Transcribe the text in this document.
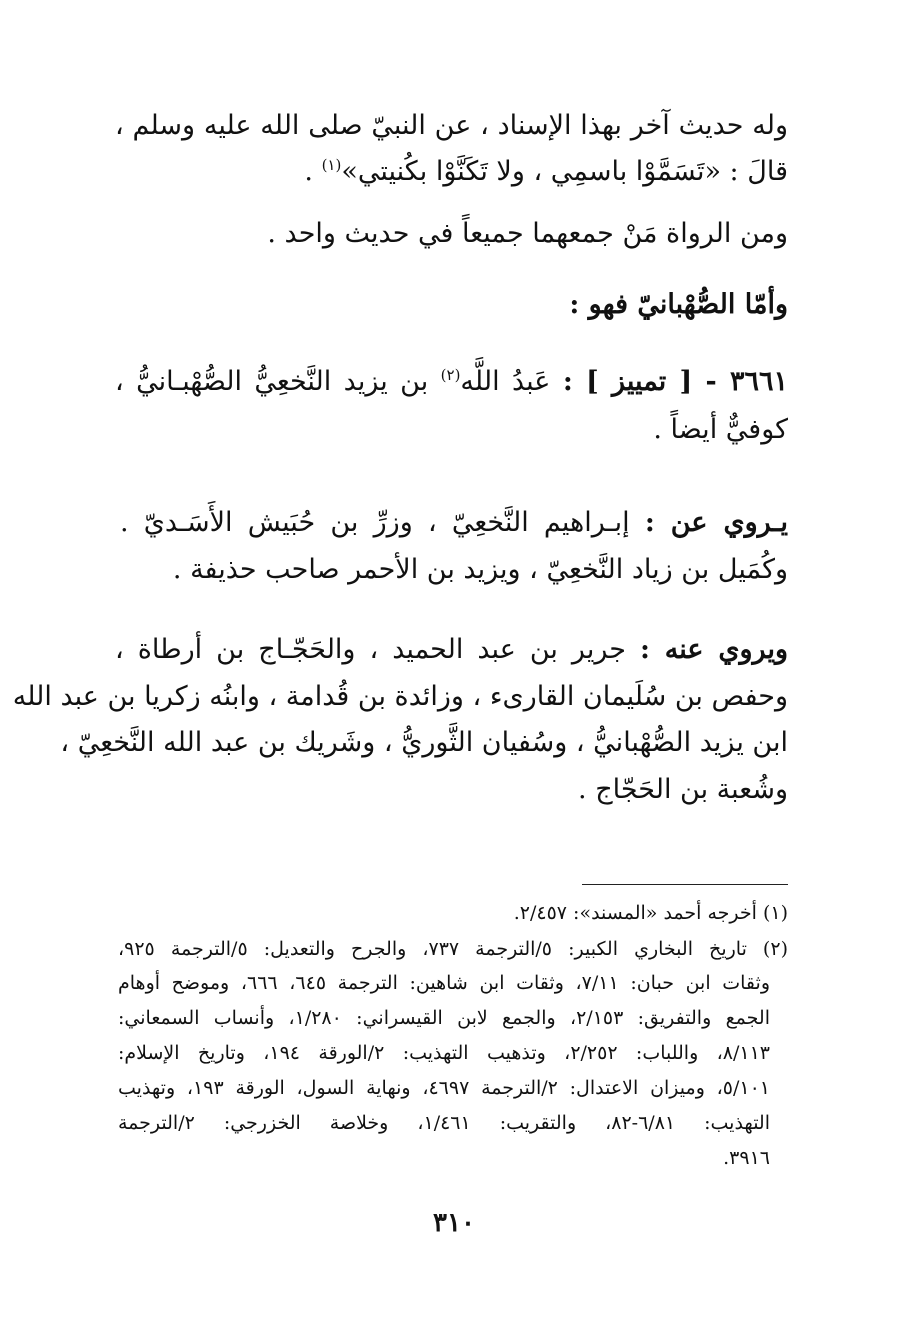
وله حديث آخر بهذا الإسناد ، عن النبيّ صلى الله عليه وسلم ،
قالَ : «تَسَمَّوْا باسمِي ، ولا تَكَنَّوْا بكُنيتي»$^{(١)}$ .
ومن الرواة مَنْ جمعهما جميعاً في حديث واحد .
وأمّا الصُّهْبانيّ فهو :
٣٦٦١ - [ تمييز ] : عَبدُ اللَّه$^{(٢)}$ بن يزيد النَّخعِيُّ الصُّهْبـانيُّ ،
كوفيٌّ أيضاً .
يـروي عن : إبـراهيم النَّخعِيّ ، وزرِّ بن حُبَيش الأَسَـديّ .
وكُمَيل بن زياد النَّخعِيّ ، ويزيد بن الأحمر صاحب حذيفة .
ويروي عنه : جرير بن عبد الحميد ، والحَجّـاج بن أرطاة ،
وحفص بن سُلَيمان القارىء ، وزائدة بن قُدامة ، وابنُه زكريا بن عبد الله
ابن يزيد الصُّهْبانيُّ ، وسُفيان الثَّوريُّ ، وشَريك بن عبد الله النَّخعِيّ ،
وشُعبة بن الحَجّاج .
(١) أخرجه أحمد «المسند»: ٢/٤٥٧.
(٢) تاريخ البخاري الكبير: ٥/الترجمة ٧٣٧، والجرح والتعديل: ٥/الترجمة ٩٢٥،
وثقات ابن حبان: ٧/١١، وثقات ابن شاهين: الترجمة ٦٤٥، ٦٦٦، وموضح أوهام
الجمع والتفريق: ٢/١٥٣، والجمع لابن القيسراني: ١/٢٨٠، وأنساب السمعاني:
٨/١١٣، واللباب: ٢/٢٥٢، وتذهيب التهذيب: ٢/الورقة ١٩٤، وتاريخ الإسلام:
٥/١٠١، وميزان الاعتدال: ٢/الترجمة ٤٦٩٧، ونهاية السول، الورقة ١٩٣، وتهذيب
التهذيب: ٦/٨١-٨٢، والتقريب: ١/٤٦١، وخلاصة الخزرجي: ٢/الترجمة
٣٩١٦.
٣١٠
